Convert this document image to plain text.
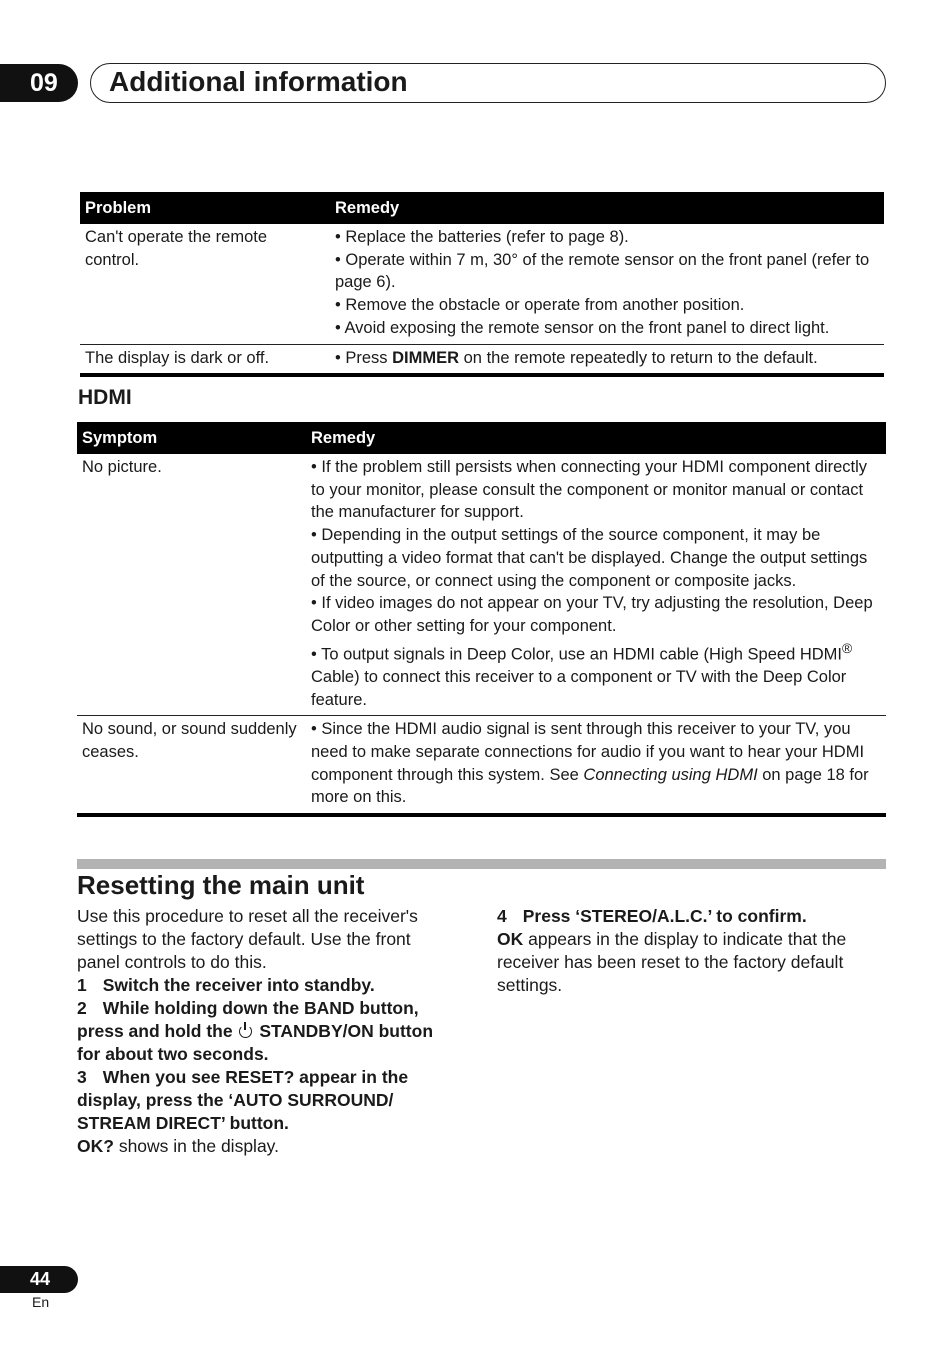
09	Additional information
Problem	Remedy
Can't operate the remote control.	• Replace the batteries (refer to page 8).
• Operate within 7 m, 30° of the remote sensor on the front panel (refer to page 6).
• Remove the obstacle or operate from another position.
• Avoid exposing the remote sensor on the front panel to direct light.

The display is dark or off.	• Press DIMMER on the remote repeatedly to return to the default.
HDMI
Symptom	Remedy
No picture.	• If the problem still persists when connecting your HDMI component directly to your monitor, please consult the component or monitor manual or contact the manufacturer for support.
• Depending in the output settings of the source component, it may be outputting a video format that can't be displayed. Change the output settings of the source, or connect using the component or composite jacks.
• If video images do not appear on your TV, try adjusting the resolution, Deep Color or other setting for your component.
• To output signals in Deep Color, use an HDMI cable (High Speed HDMI® Cable) to connect this receiver to a component or TV with the Deep Color feature.

No sound, or sound suddenly ceases.	• Since the HDMI audio signal is sent through this receiver to your TV, you need to make separate connections for audio if you want to hear your HDMI component through this system. See Connecting using HDMI on page 18 for more on this.
Resetting the main unit

Use this procedure to reset all the receiver's settings to the factory default. Use the front panel controls to do this.

1 Switch the receiver into standby.

2 While holding down the BAND button, press and hold the STANDBY/ON button for about two seconds.

3 When you see RESET? appear in the display, press the ‘AUTO SURROUND/ STREAM DIRECT’ button.

OK? shows in the display.

4 Press ‘STEREO/A.L.C.’ to confirm.

OK appears in the display to indicate that the receiver has been reset to the factory default settings.

44
En
